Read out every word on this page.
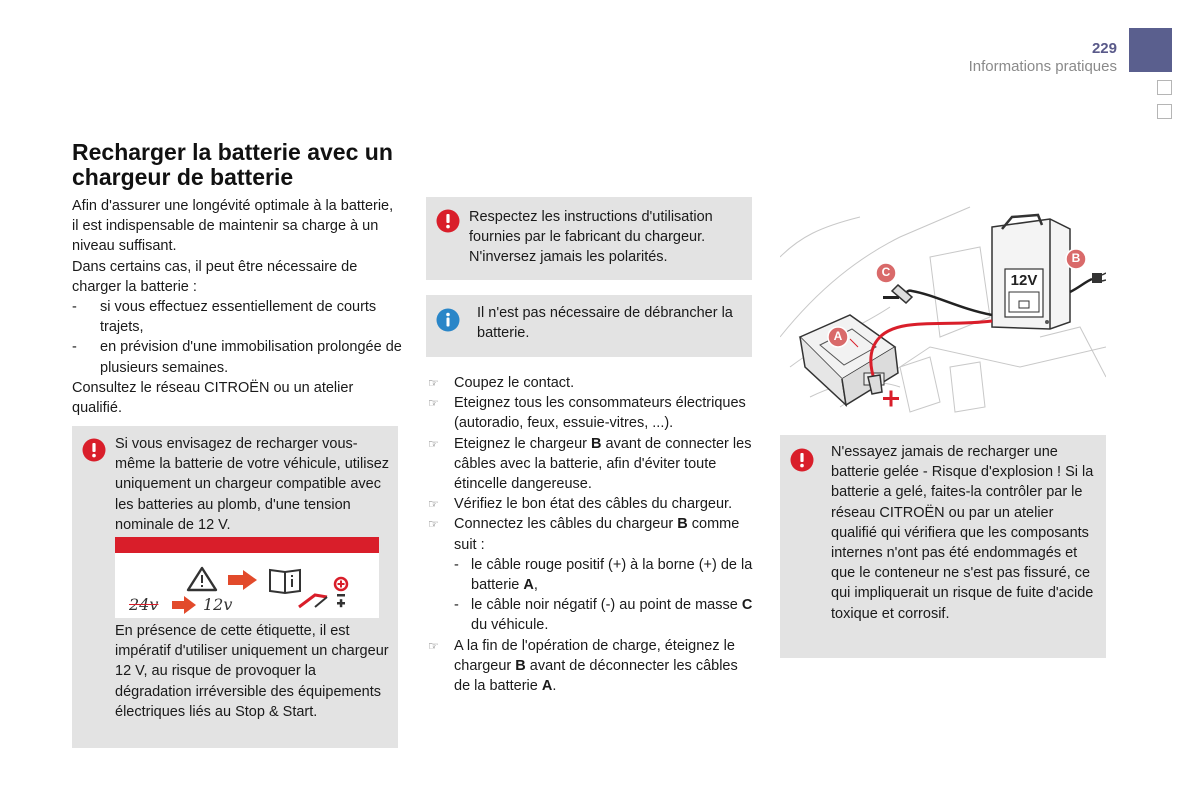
229
Informations pratiques
Recharger la batterie avec un chargeur de batterie

Afin d'assurer une longévité optimale à la batterie, il est indispensable de maintenir sa charge à un niveau suffisant.

Dans certains cas, il peut être nécessaire de charger la batterie :

- si vous effectuez essentiellement de courts trajets,
- en prévision d'une immobilisation prolongée de plusieurs semaines.

Consultez le réseau CITROËN ou un atelier qualifié.

Si vous envisagez de recharger vous-même la batterie de votre véhicule, utilisez uniquement un chargeur compatible avec les batteries au plomb, d'une tension nominale de 12 V.

24v	12v

En présence de cette étiquette, il est impératif d'utiliser uniquement un chargeur 12 V, au risque de provoquer la dégradation irréversible des équipements électriques liés au Stop & Start.

Respectez les instructions d'utilisation fournies par le fabricant du chargeur. N'inversez jamais les polarités.

Il n'est pas nécessaire de débrancher la batterie.

☞ Coupez le contact.
☞ Eteignez tous les consommateurs électriques (autoradio, feux, essuie-vitres, ...).
☞ Eteignez le chargeur B avant de connecter les câbles avec la batterie, afin d'éviter toute étincelle dangereuse.
☞ Vérifiez le bon état des câbles du chargeur.
☞ Connectez les câbles du chargeur B comme suit :
- le câble rouge positif (+) à la borne (+) de la batterie A,
- le câble noir négatif (-) au point de masse C du véhicule.
☞ A la fin de l'opération de charge, éteignez le chargeur B avant de déconnecter les câbles de la batterie A.
12V
A
B
C

N'essayez jamais de recharger une batterie gelée - Risque d'explosion ! Si la batterie a gelé, faites-la contrôler par le réseau CITROËN ou par un atelier qualifié qui vérifiera que les composants internes n'ont pas été endommagés et que le conteneur ne s'est pas fissuré, ce qui impliquerait un risque de fuite d'acide toxique et corrosif.
